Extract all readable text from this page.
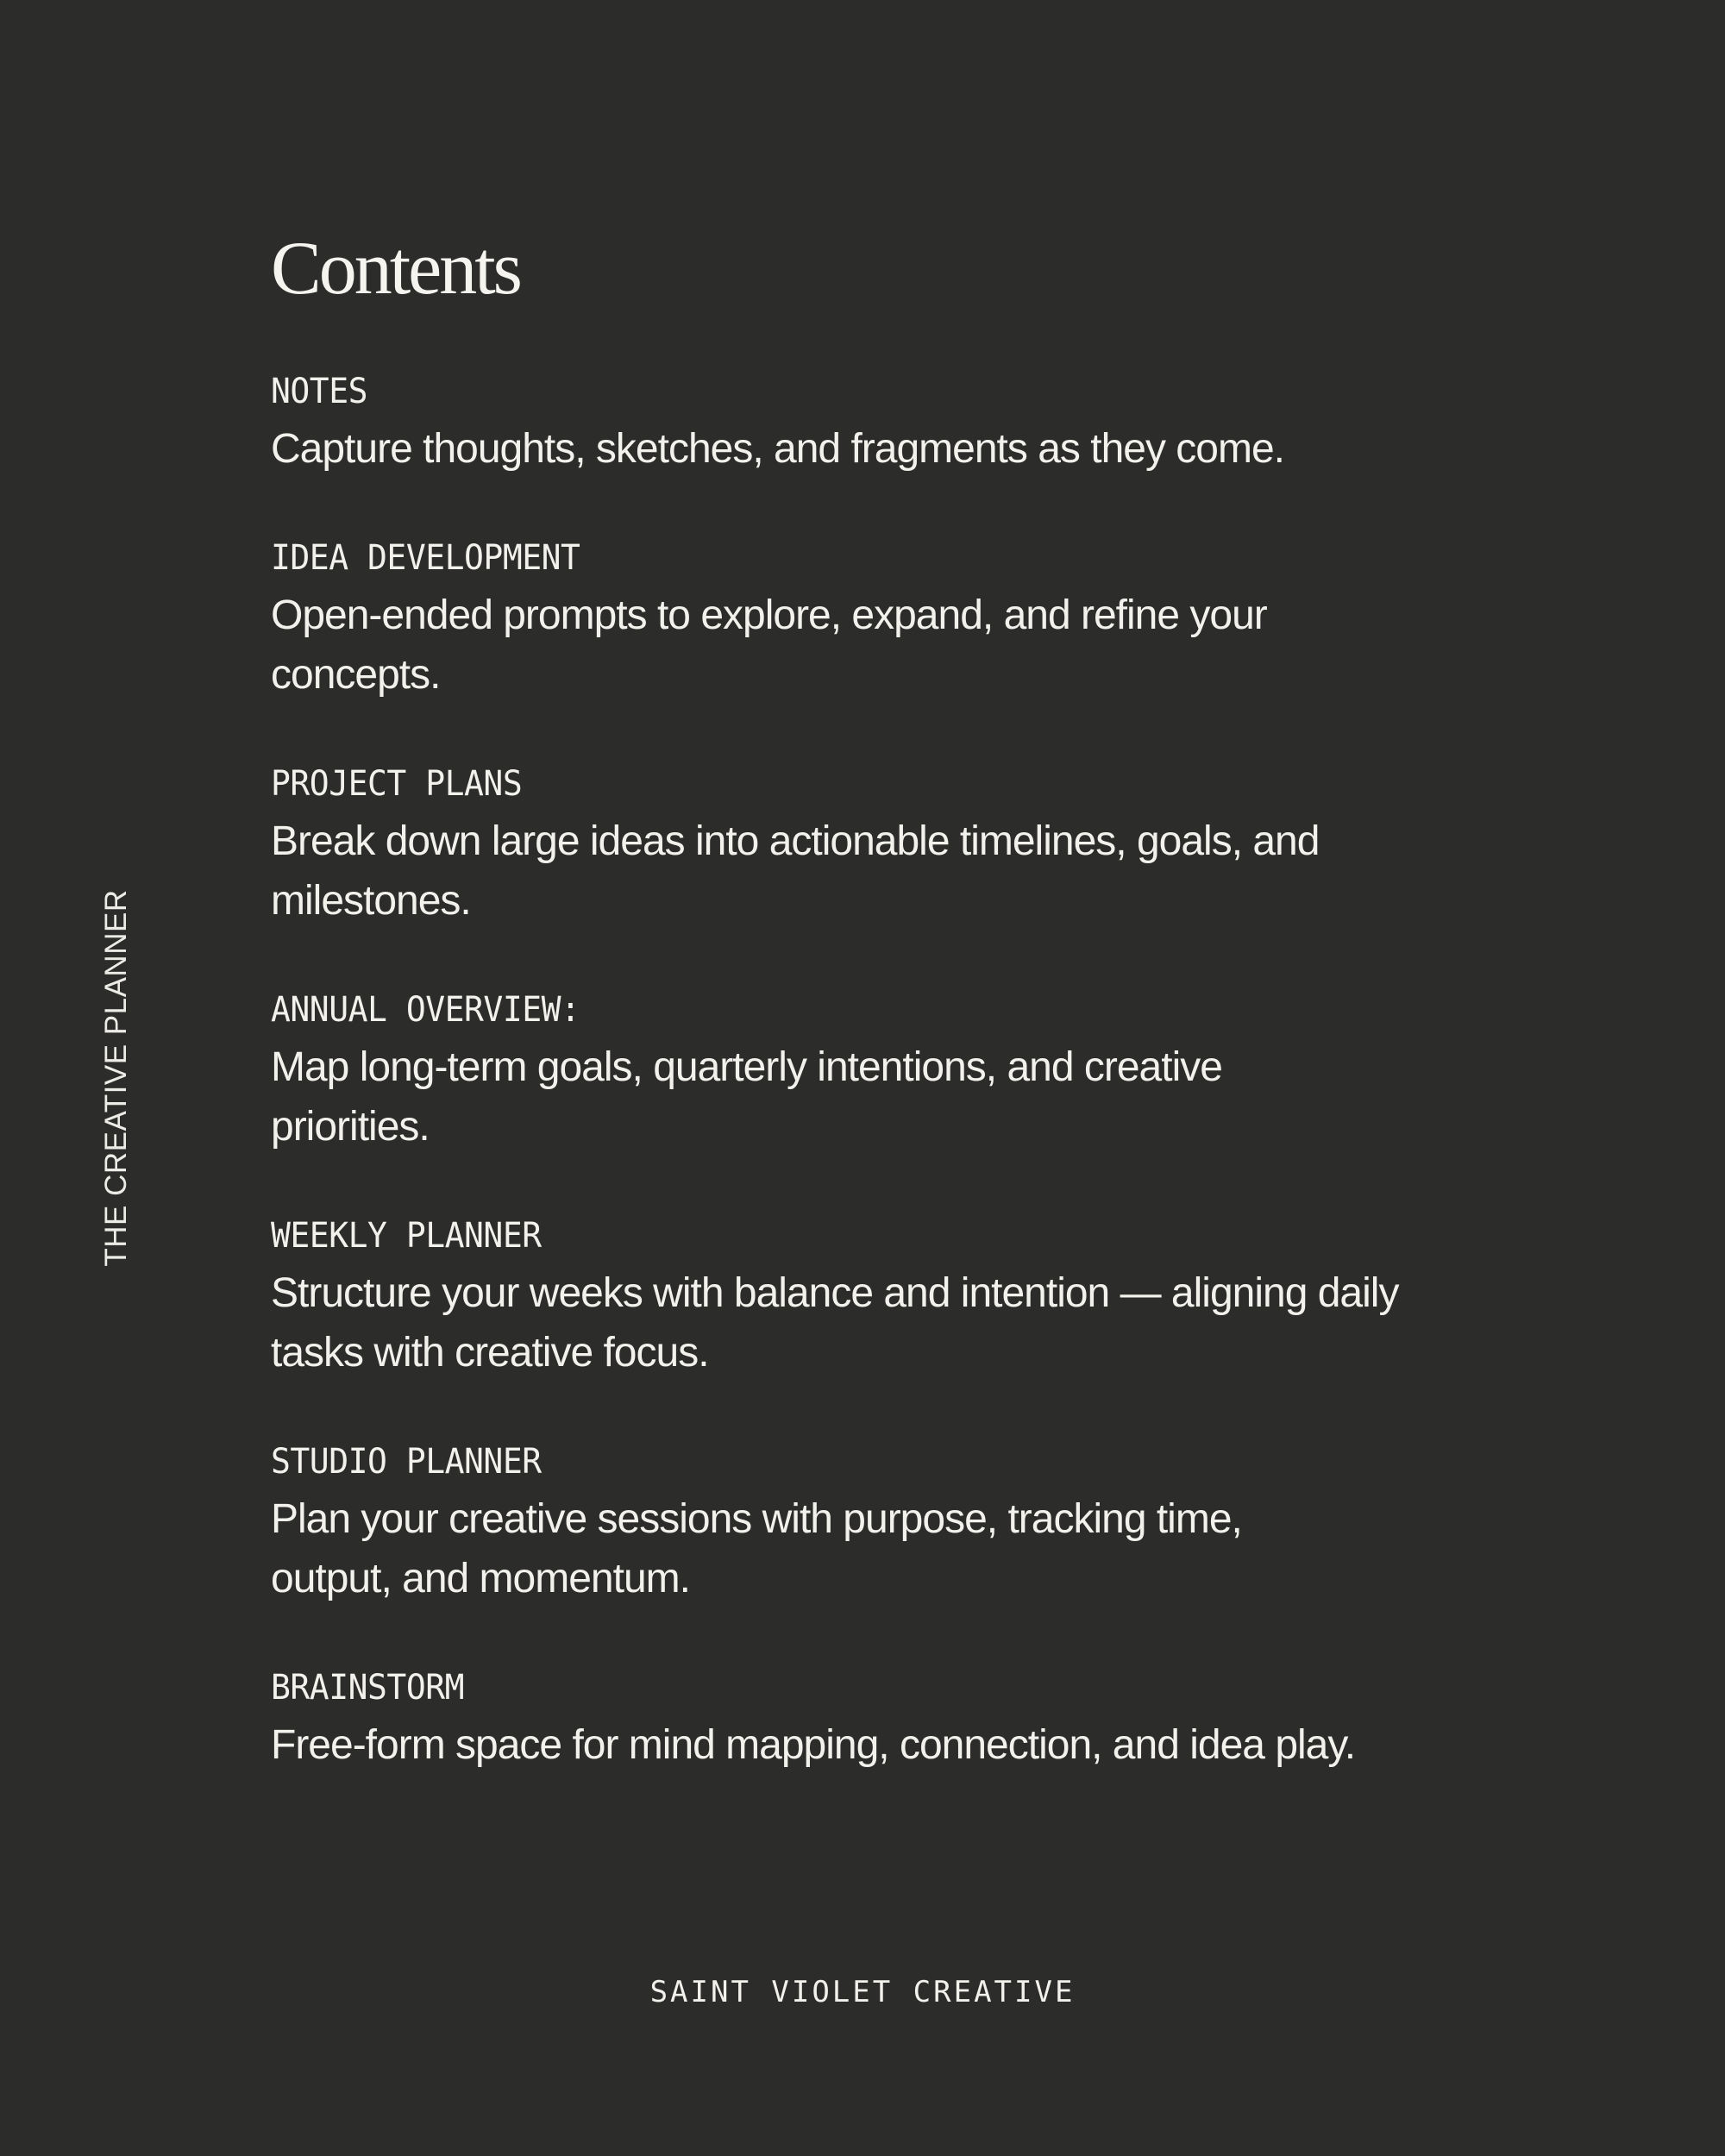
THE CREATIVE PLANNER
Contents
NOTES
Capture thoughts, sketches, and fragments as they come.
IDEA DEVELOPMENT
Open-ended prompts to explore, expand, and refine your concepts.
PROJECT PLANS
Break down large ideas into actionable timelines, goals, and milestones.
ANNUAL OVERVIEW:
Map long-term goals, quarterly intentions, and creative priorities.
WEEKLY PLANNER
Structure your weeks with balance and intention — aligning daily tasks with creative focus.
STUDIO PLANNER
Plan your creative sessions with purpose, tracking time, output, and momentum.
BRAINSTORM
Free-form space for mind mapping, connection, and idea play.
SAINT VIOLET CREATIVE
